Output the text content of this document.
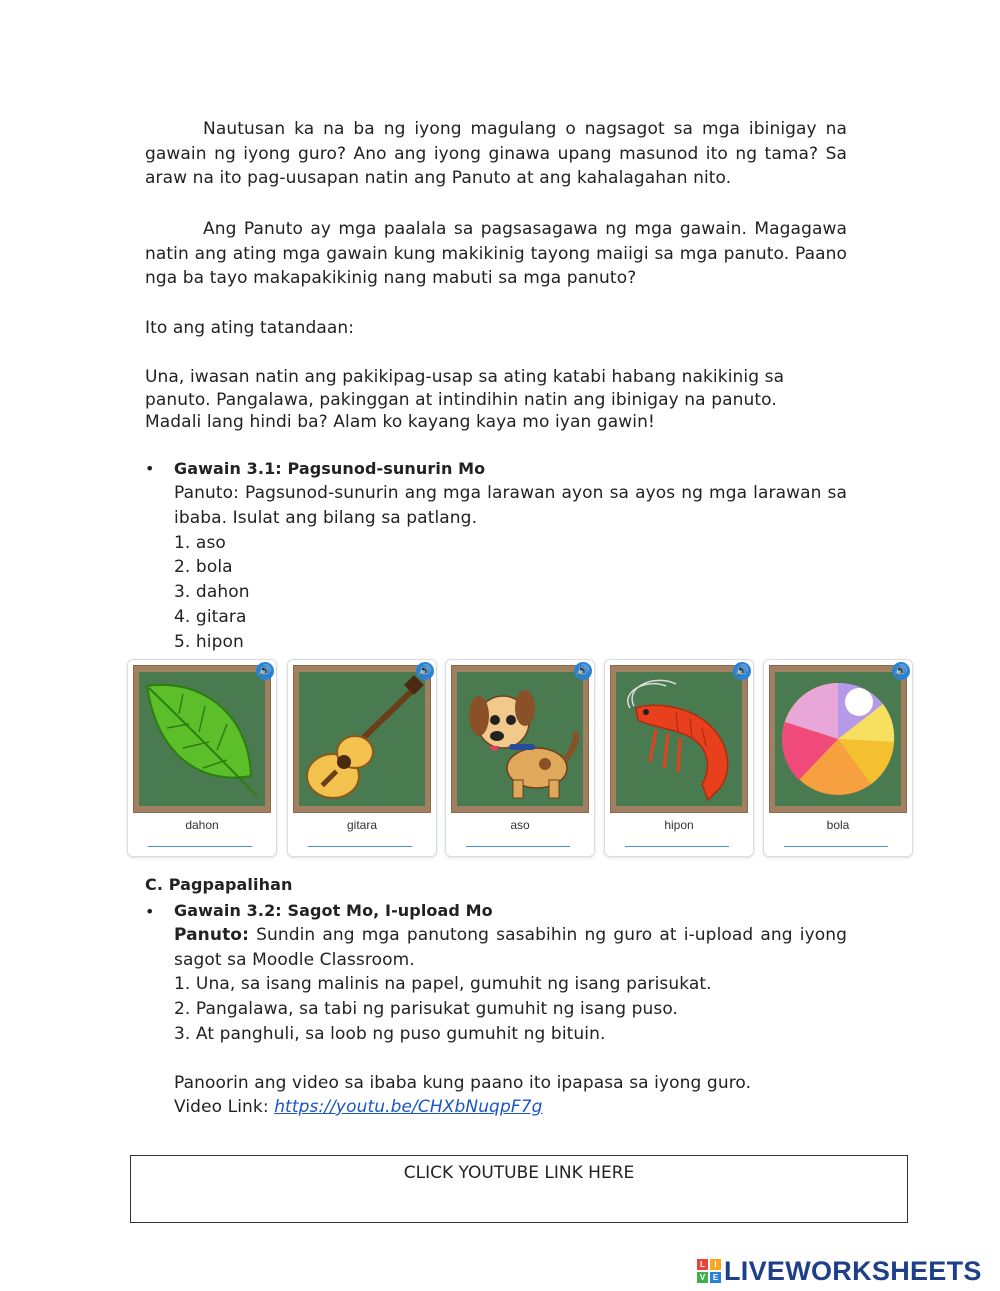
Nautusan ka na ba ng iyong magulang o nagsagot sa mga ibinigay na gawain ng iyong guro? Ano ang iyong ginawa upang masunod ito ng tama? Sa araw na ito pag-uusapan natin ang Panuto at ang kahalagahan nito.
Ang Panuto ay mga paalala sa pagsasagawa ng mga gawain. Magagawa natin ang ating mga gawain kung makikinig tayong maiigi sa mga panuto. Paano nga ba tayo makapakikinig nang mabuti sa mga panuto?
Ito ang ating tatandaan:
Una, iwasan natin ang pakikipag-usap sa ating katabi habang nakikinig sa
panuto. Pangalawa, pakinggan at intindihin natin ang ibinigay na panuto.
Madali lang hindi ba? Alam ko kayang kaya mo iyan gawin!
• Gawain 3.1: Pagsunod-sunurin Mo
Panuto: Pagsunod-sunurin ang mga larawan ayon sa ayos ng mga larawan sa ibaba. Isulat ang bilang sa patlang.
1. aso
2. bola
3. dahon
4. gitara
5. hipon
🔊
dahon
🔊
gitara
🔊
aso
🔊
hipon
🔊
bola
C. Pagpapalihan
• Gawain 3.2: Sagot Mo, I-upload Mo
Panuto: Sundin ang mga panutong sasabihin ng guro at i-upload ang iyong sagot sa Moodle Classroom.
1. Una, sa isang malinis na papel, gumuhit ng isang parisukat.
2. Pangalawa, sa tabi ng parisukat gumuhit ng isang puso.
3. At panghuli, sa loob ng puso gumuhit ng bituin.
Panoorin ang video sa ibaba kung paano ito ipapasa sa iyong guro.
Video Link: https://youtu.be/CHXbNuqpF7g
CLICK YOUTUBE LINK HERE
L	I
V E LIVEWORKSHEETS
